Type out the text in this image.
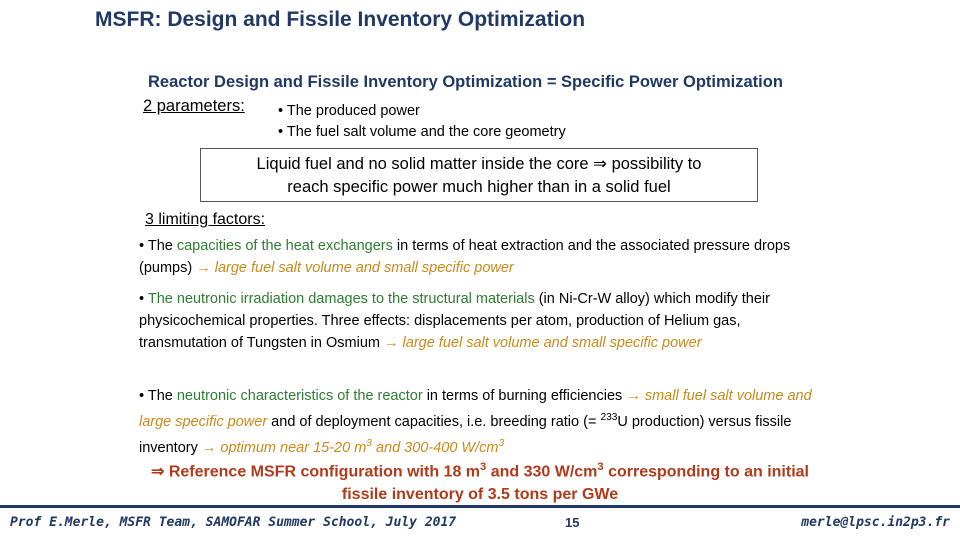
MSFR: Design and Fissile Inventory Optimization
Reactor Design and Fissile Inventory Optimization = Specific Power Optimization
2 parameters: • The produced power
• The fuel salt volume and the core geometry
Liquid fuel and no solid matter inside the core ⇒ possibility to
reach specific power much higher than in a solid fuel
3 limiting factors:
• The capacities of the heat exchangers in terms of heat extraction and the associated pressure drops (pumps) → large fuel salt volume and small specific power
• The neutronic irradiation damages to the structural materials (in Ni-Cr-W alloy) which modify their physicochemical properties. Three effects: displacements per atom, production of Helium gas, transmutation of Tungsten in Osmium → large fuel salt volume and small specific power
• The neutronic characteristics of the reactor in terms of burning efficiencies → small fuel salt volume and large specific power and of deployment capacities, i.e. breeding ratio (= $^{233}$U production) versus fissile inventory → optimum near 15-20 $m^3$ and 300-400 $W/cm^3$
⇒ Reference MSFR configuration with 18 $m^3$ and 330 $W/cm^3$ corresponding to an initial fissile inventory of 3.5 tons per GWe
Prof E.Merle, MSFR Team, SAMOFAR Summer School, July 2017	15	merle@lpsc.in2p3.fr
